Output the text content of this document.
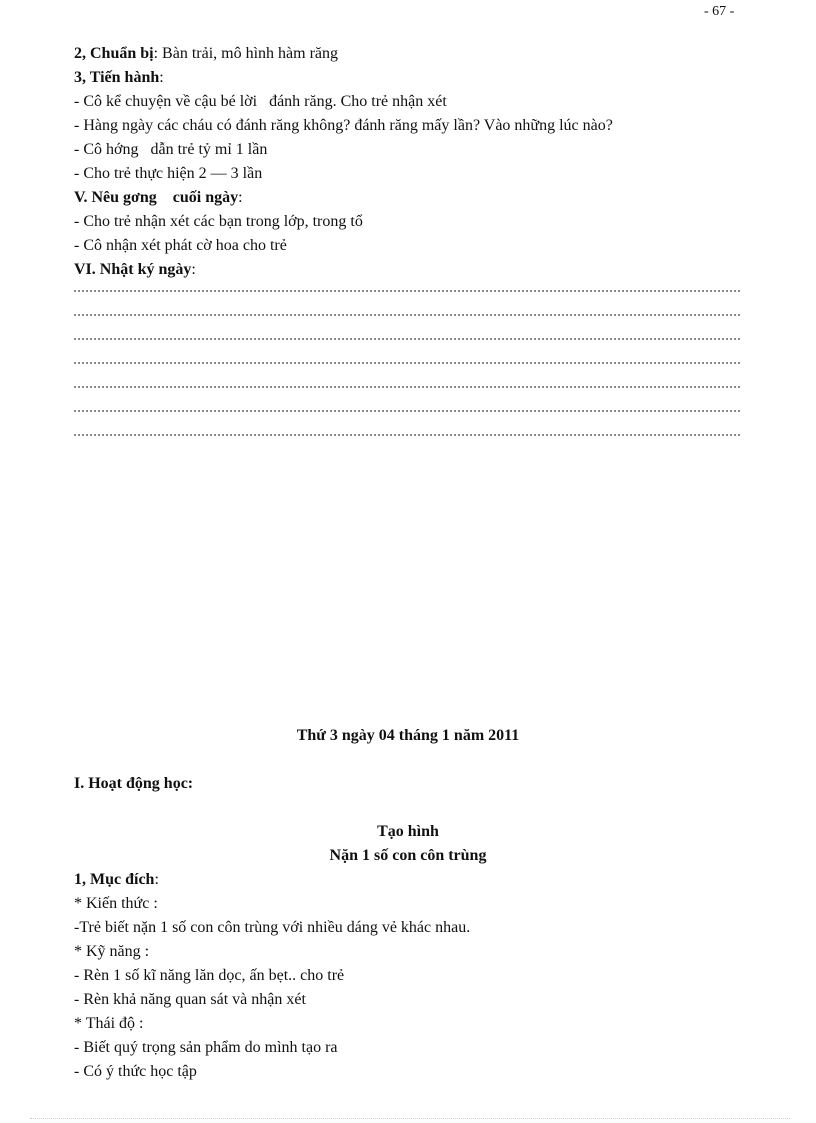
- 67 -
2, Chuẩn bị: Bàn trải, mô hình hàm răng
3, Tiến hành:
- Cô kể chuyện về cậu bé lời   đánh răng. Cho trẻ nhận xét
- Hàng ngày các cháu có đánh răng không? đánh răng mấy lần? Vào những lúc nào?
- Cô hớng   dẫn trẻ tỷ mỉ 1 lần
- Cho trẻ thực hiện 2 — 3 lần
V. Nêu gơng    cuối ngày:
- Cho trẻ nhận xét các bạn trong lớp, trong tổ
- Cô nhận xét phát cờ hoa cho trẻ
VI. Nhật ký ngày:
Thứ 3 ngày 04 tháng 1 năm 2011
I. Hoạt động học:
Tạo hình
Nặn 1 số con côn trùng
1, Mục đích:
* Kiến thức :
-Trẻ biết nặn 1 số con côn trùng với nhiều dáng vẻ khác nhau.
* Kỹ năng :
- Rèn 1 số kĩ năng lăn dọc, ấn bẹt.. cho trẻ
- Rèn khả năng quan sát và nhận xét
* Thái độ :
- Biết quý trọng sản phẩm do mình tạo ra
- Có ý thức học tập
